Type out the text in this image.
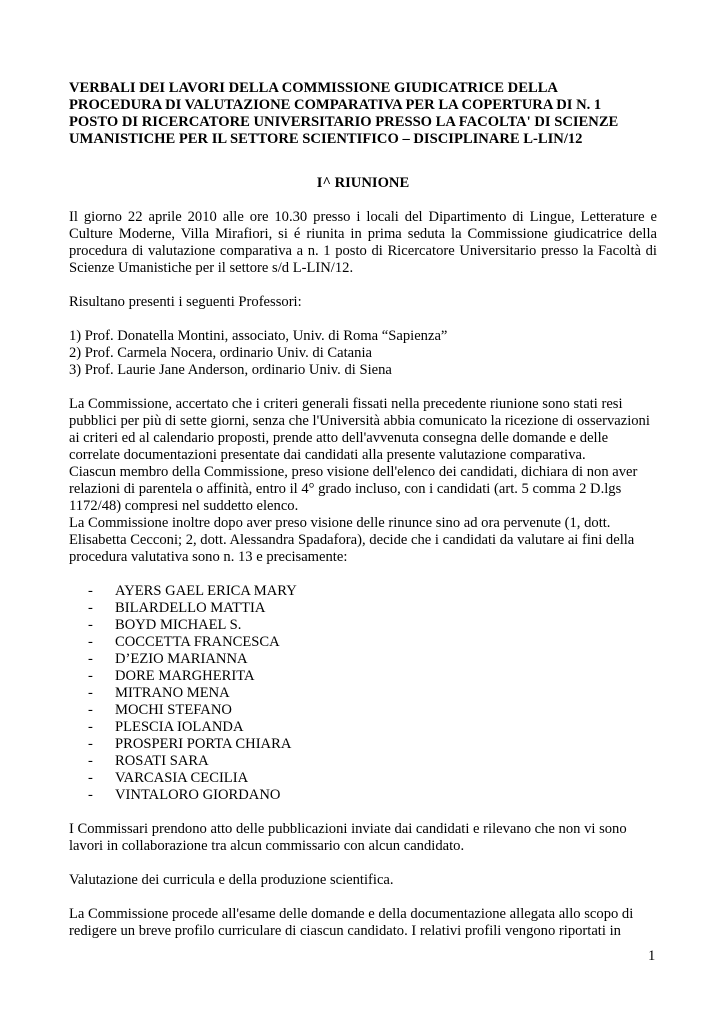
VERBALI DEI LAVORI DELLA COMMISSIONE GIUDICATRICE DELLA
PROCEDURA DI VALUTAZIONE COMPARATIVA PER LA COPERTURA DI N. 1
POSTO DI RICERCATORE UNIVERSITARIO PRESSO LA FACOLTA' DI SCIENZE
UMANISTICHE PER IL SETTORE SCIENTIFICO – DISCIPLINARE L-LIN/12
I^ RIUNIONE
Il giorno 22 aprile 2010 alle ore 10.30 presso i locali del Dipartimento di Lingue, Letterature e Culture Moderne, Villa Mirafiori, si é riunita in prima seduta la Commissione giudicatrice della procedura di valutazione comparativa a n. 1 posto di Ricercatore Universitario presso la Facoltà di Scienze Umanistiche per il settore s/d L-LIN/12.
Risultano presenti i seguenti Professori:
1) Prof. Donatella Montini, associato, Univ. di Roma “Sapienza”
2) Prof. Carmela Nocera, ordinario Univ. di Catania
3) Prof. Laurie Jane Anderson, ordinario Univ. di Siena
La Commissione, accertato che i criteri generali fissati nella precedente riunione sono stati resi
pubblici per più di sette giorni, senza che l'Università abbia comunicato la ricezione di osservazioni
ai criteri ed al calendario proposti, prende atto dell'avvenuta consegna delle domande e delle
correlate documentazioni presentate dai candidati alla presente valutazione comparativa.
Ciascun membro della Commissione, preso visione dell'elenco dei candidati, dichiara di non aver
relazioni di parentela o affinità, entro il 4° grado incluso, con i candidati (art. 5 comma 2 D.lgs
1172/48) compresi nel suddetto elenco.
La Commissione inoltre dopo aver preso visione delle rinunce sino ad ora pervenute (1, dott.
Elisabetta Cecconi; 2, dott. Alessandra Spadafora), decide che i candidati da valutare ai fini della
procedura valutativa sono n. 13 e precisamente:
- AYERS GAEL ERICA MARY
- BILARDELLO MATTIA
- BOYD MICHAEL S.
- COCCETTA FRANCESCA
- D’EZIO MARIANNA
- DORE MARGHERITA
- MITRANO MENA
- MOCHI STEFANO
- PLESCIA IOLANDA
- PROSPERI PORTA CHIARA
- ROSATI SARA
- VARCASIA CECILIA
- VINTALORO GIORDANO
I Commissari prendono atto delle pubblicazioni inviate dai candidati e rilevano che non vi sono
lavori in collaborazione tra alcun commissario con alcun candidato.
Valutazione dei curricula e della produzione scientifica.
La Commissione procede all'esame delle domande e della documentazione allegata allo scopo di
redigere un breve profilo curriculare di ciascun candidato. I relativi profili vengono riportati in
1
